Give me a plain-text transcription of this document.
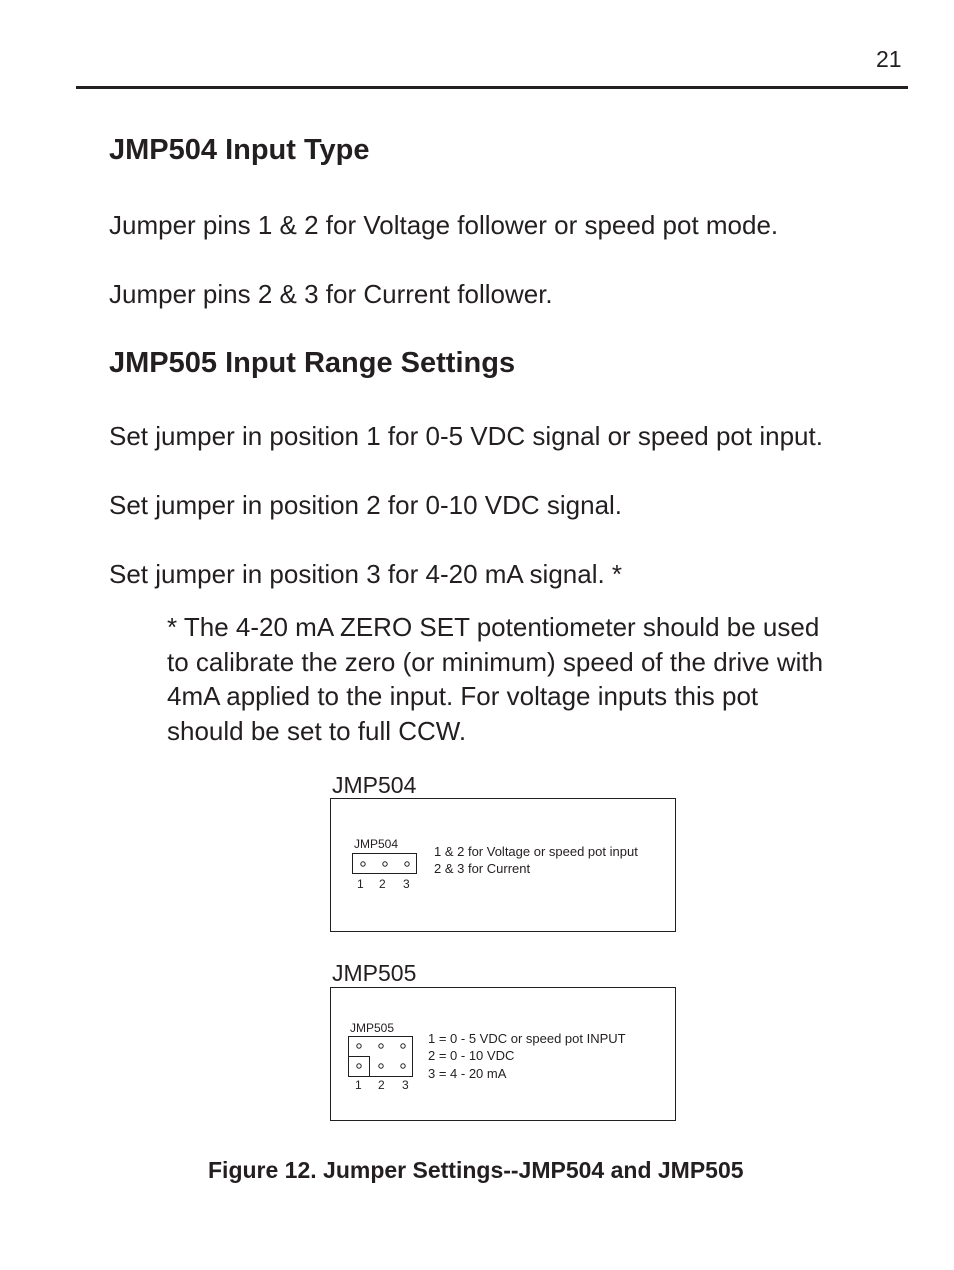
21
JMP504 Input Type
Jumper pins 1 & 2 for Voltage follower or speed pot mode.
Jumper pins 2 & 3 for Current follower.
JMP505 Input Range Settings
Set jumper in position 1 for 0-5 VDC signal or speed pot input.
Set jumper in position 2 for 0-10 VDC signal.
Set jumper in position 3 for 4-20 mA signal. *
* The 4-20 mA ZERO SET potentiometer should be used
to calibrate the zero (or minimum) speed of the drive with
4mA applied to the input. For voltage inputs this pot
should be set to full CCW.
JMP504
JMP504
1 2 3
1 & 2 for Voltage or speed pot input
2 & 3 for Current
JMP505
JMP505
1 2 3
1 = 0 - 5 VDC or speed pot INPUT
2 = 0 - 10 VDC
3 = 4 - 20 mA
Figure 12. Jumper Settings--JMP504 and JMP505
